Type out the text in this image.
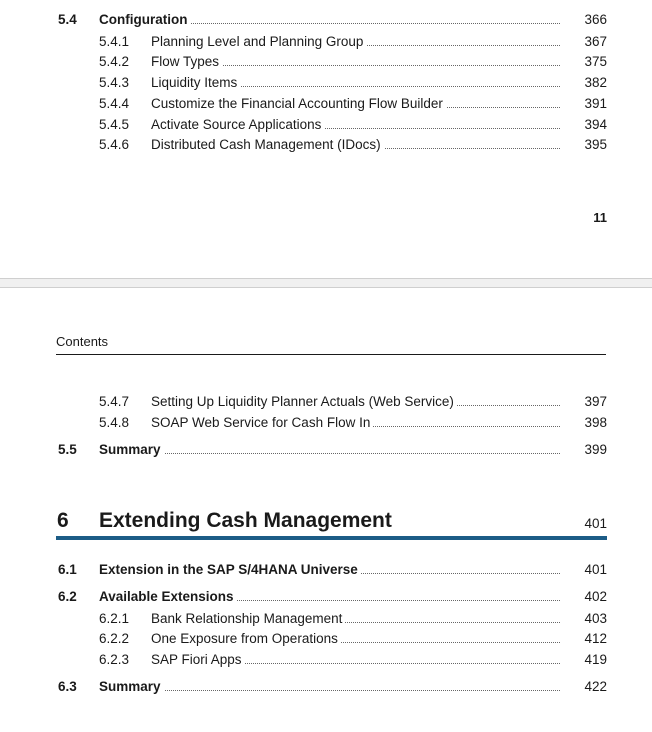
5.4 Configuration	366
5.4.1 Planning Level and Planning Group	367
5.4.2 Flow Types	375
5.4.3 Liquidity Items	382
5.4.4 Customize the Financial Accounting Flow Builder	391
5.4.5 Activate Source Applications	394
5.4.6 Distributed Cash Management (IDocs)	395
11
Contents
5.4.7 Setting Up Liquidity Planner Actuals (Web Service)	397
5.4.8 SOAP Web Service for Cash Flow In	398
5.5 Summary	399
6 Extending Cash Management	401
6.1 Extension in the SAP S/4HANA Universe	401
6.2 Available Extensions	402
6.2.1 Bank Relationship Management	403
6.2.2 One Exposure from Operations	412
6.2.3 SAP Fiori Apps	419
6.3 Summary	422
